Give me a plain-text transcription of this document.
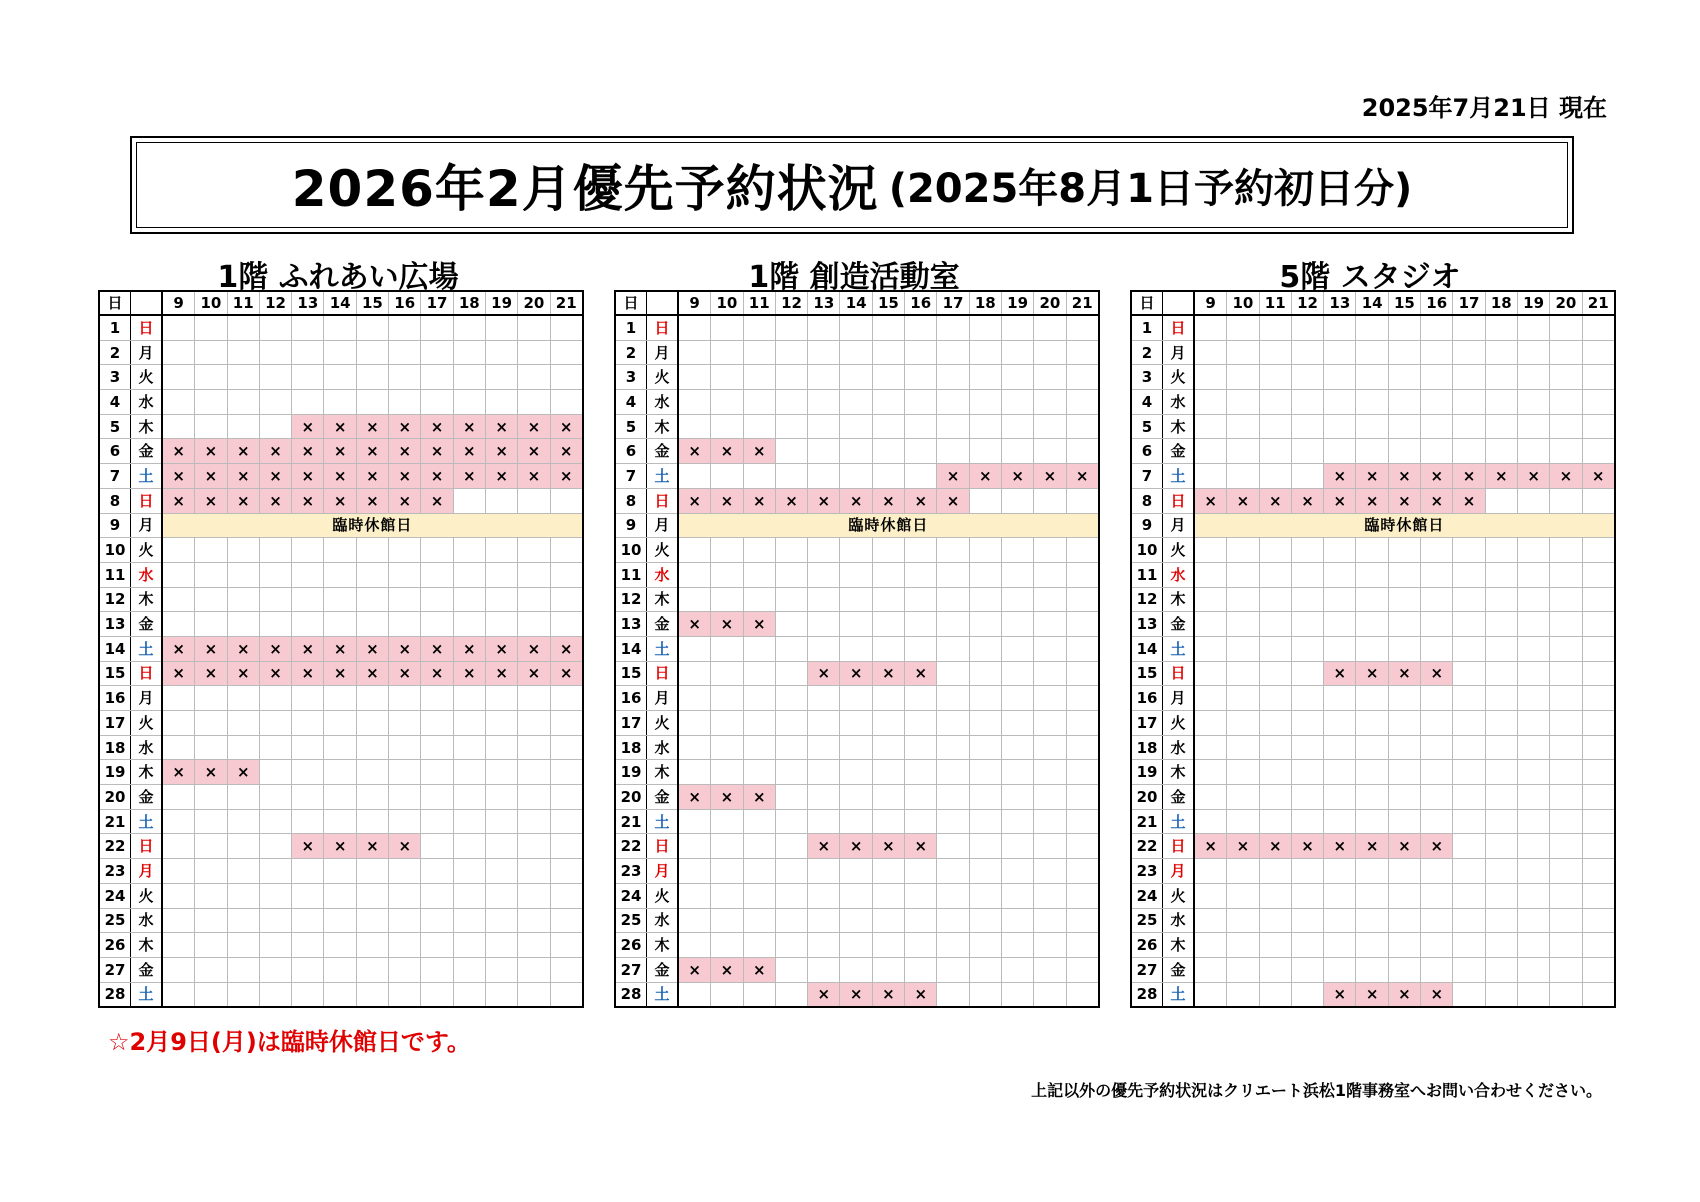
2025年7月21日 現在
2026年2月優先予約状況 (2025年8月1日予約初日分)
1階 ふれあい広場
日		9	10	11	12	13	14	15	16	17	18	19	20	21
1	日													
2	月													
3	火													
4	水													
5	木					×	×	×	×	×	×	×	×	×
6	金	×	×	×	×	×	×	×	×	×	×	×	×	×
7	土	×	×	×	×	×	×	×	×	×	×	×	×	×
8	日	×	×	×	×	×	×	×	×	×				
9	月	臨時休館日												
10	火													
11	水													
12	木													
13	金													
14	土	×	×	×	×	×	×	×	×	×	×	×	×	×
15	日	×	×	×	×	×	×	×	×	×	×	×	×	×
16	月													
17	火													
18	水													
19	木	×	×	×										
20	金													
21	土													
22	日					×	×	×	×					
23	月													
24	火													
25	水													
26	木													
27	金													
28	土													
1階 創造活動室
日		9	10	11	12	13	14	15	16	17	18	19	20	21
1	日													
2	月													
3	火													
4	水													
5	木													
6	金	×	×	×										
7	土									×	×	×	×	×
8	日	×	×	×	×	×	×	×	×	×				
9	月	臨時休館日												
10	火													
11	水													
12	木													
13	金	×	×	×										
14	土													
15	日					×	×	×	×					
16	月													
17	火													
18	水													
19	木													
20	金	×	×	×										
21	土													
22	日					×	×	×	×					
23	月													
24	火													
25	水													
26	木													
27	金	×	×	×										
28	土					×	×	×	×					
5階 スタジオ
日		9	10	11	12	13	14	15	16	17	18	19	20	21
1	日													
2	月													
3	火													
4	水													
5	木													
6	金													
7	土					×	×	×	×	×	×	×	×	×
8	日	×	×	×	×	×	×	×	×	×				
9	月	臨時休館日												
10	火													
11	水													
12	木													
13	金													
14	土													
15	日					×	×	×	×					
16	月													
17	火													
18	水													
19	木													
20	金													
21	土													
22	日	×	×	×	×	×	×	×	×					
23	月													
24	火													
25	水													
26	木													
27	金													
28	土					×	×	×	×					
☆2月9日(月)は臨時休館日です。
上記以外の優先予約状況はクリエート浜松1階事務室へお問い合わせください。
